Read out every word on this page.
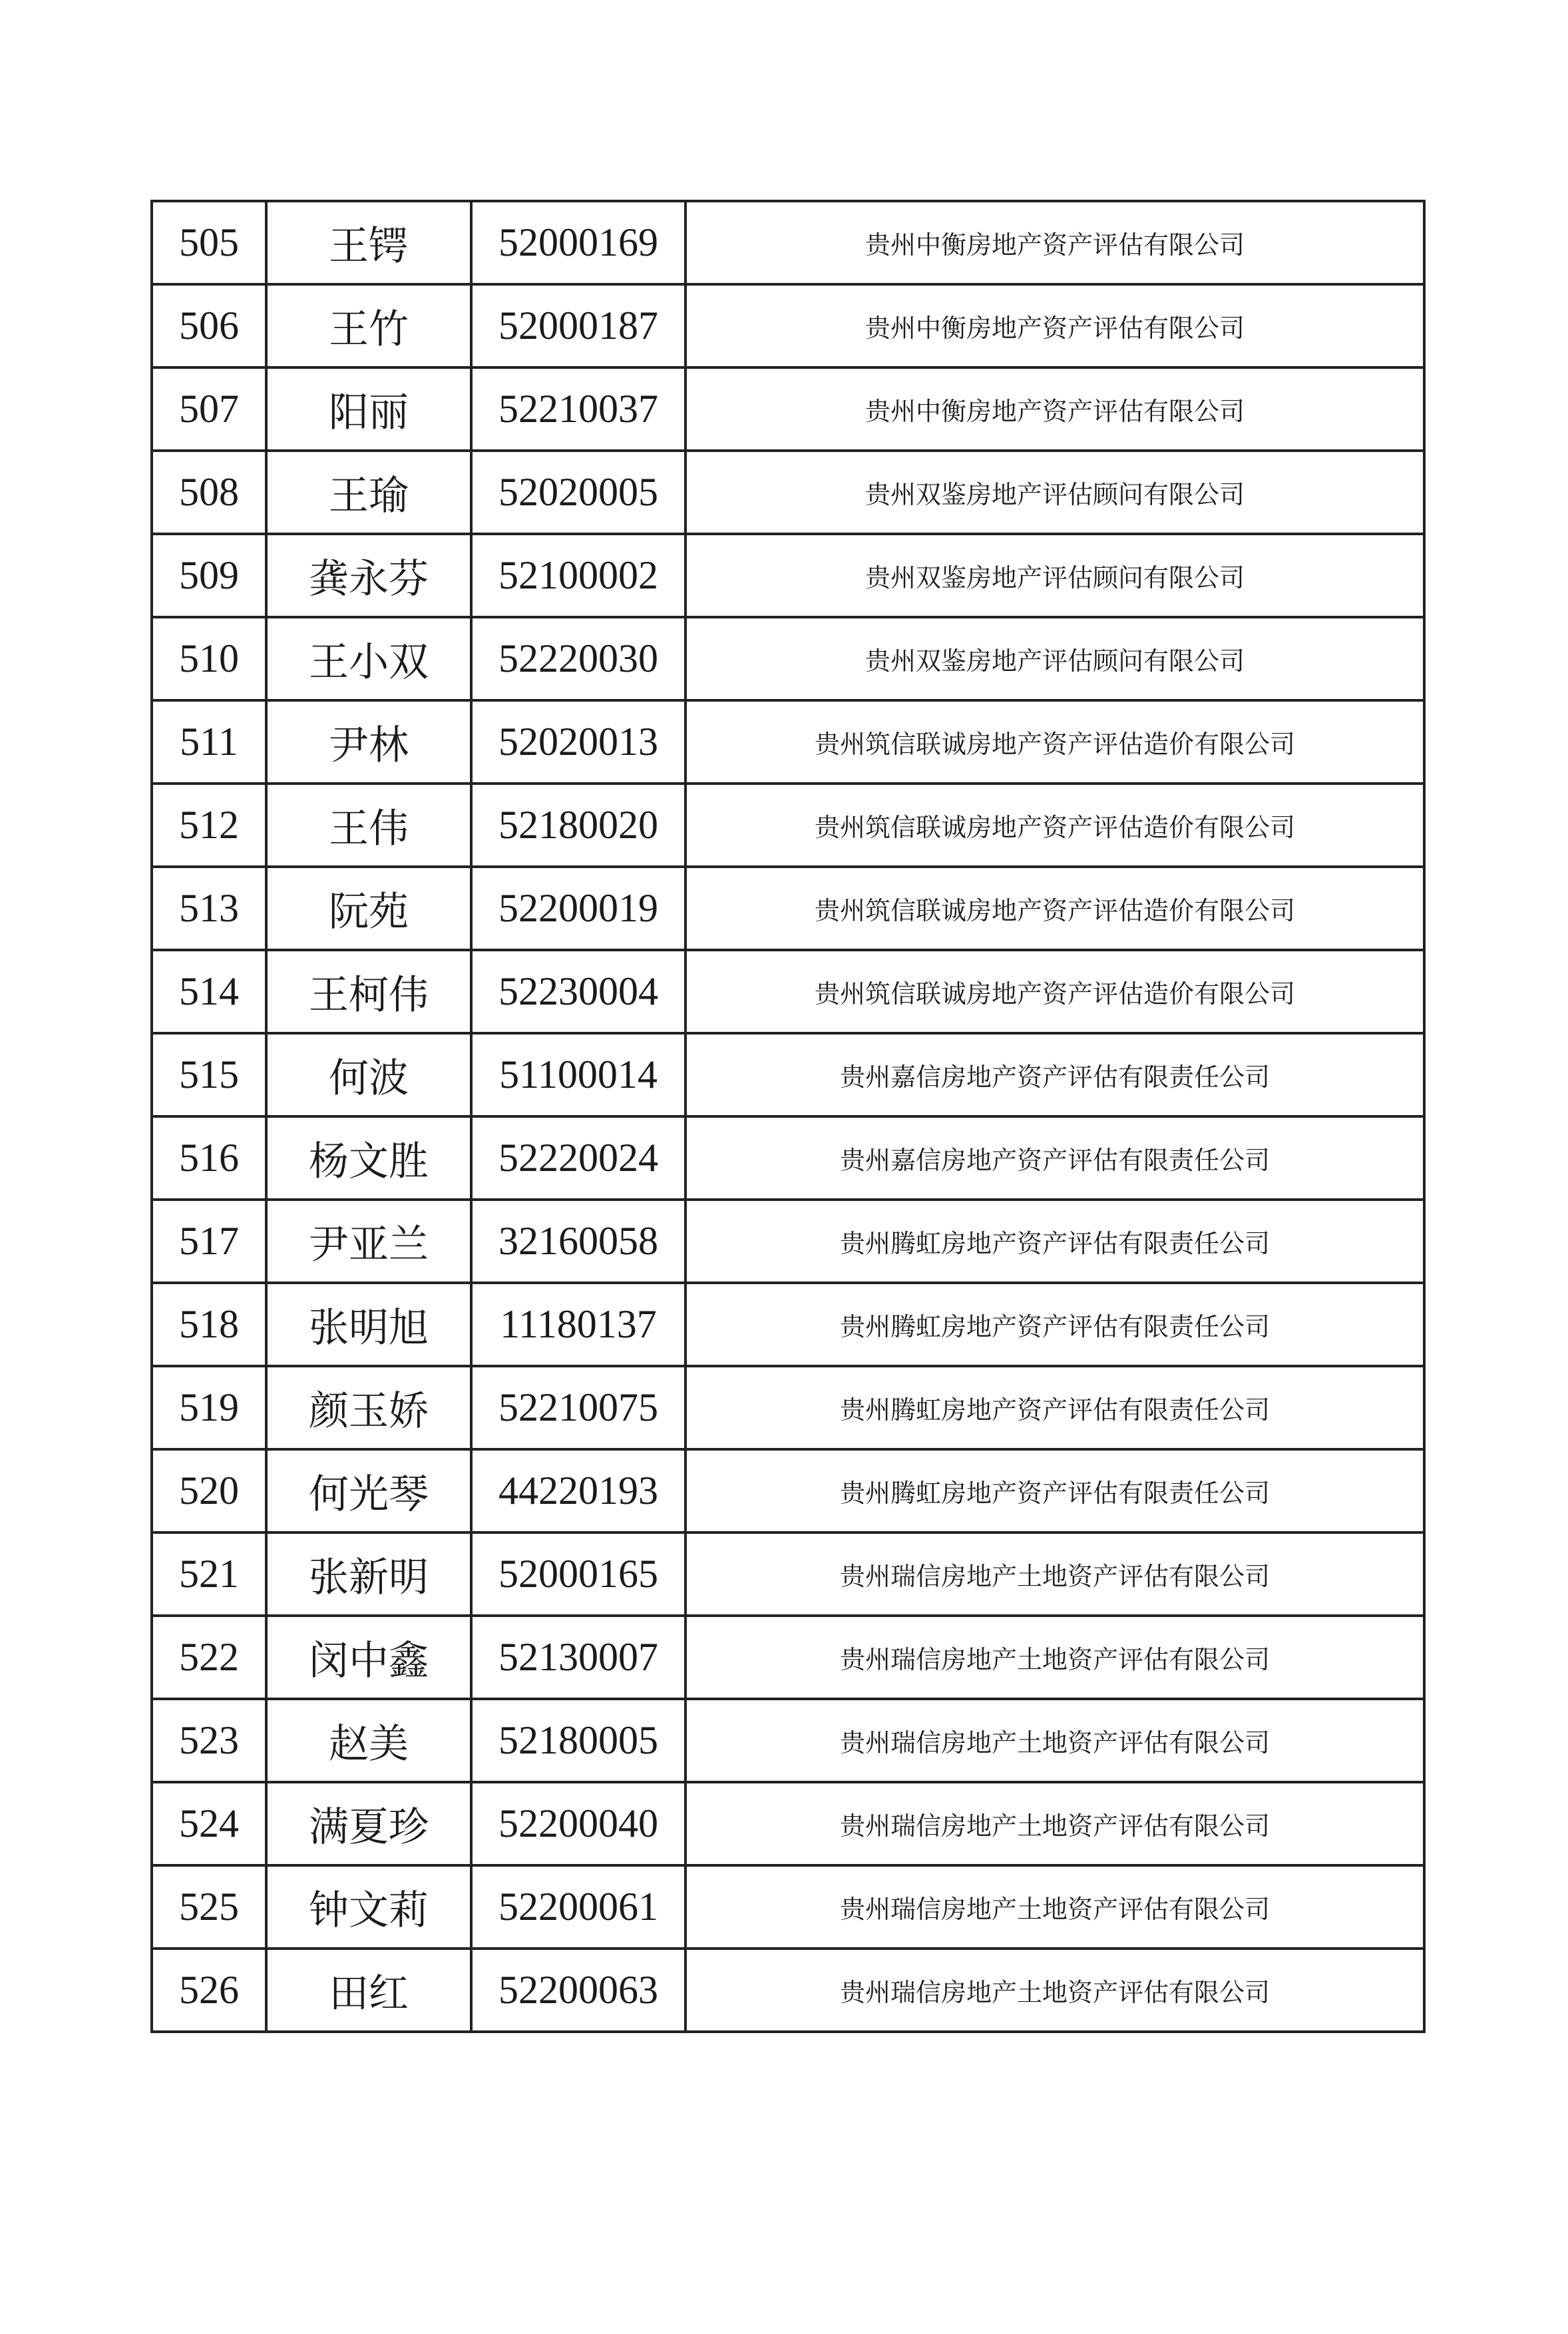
505	王锷	52000169	贵州中衡房地产资产评估有限公司
506	王竹	52000187	贵州中衡房地产资产评估有限公司
507	阳丽	52210037	贵州中衡房地产资产评估有限公司
508	王瑜	52020005	贵州双鉴房地产评估顾问有限公司
509	龚永芬	52100002	贵州双鉴房地产评估顾问有限公司
510	王小双	52220030	贵州双鉴房地产评估顾问有限公司
511	尹林	52020013	贵州筑信联诚房地产资产评估造价有限公司
512	王伟	52180020	贵州筑信联诚房地产资产评估造价有限公司
513	阮苑	52200019	贵州筑信联诚房地产资产评估造价有限公司
514	王柯伟	52230004	贵州筑信联诚房地产资产评估造价有限公司
515	何波	51100014	贵州嘉信房地产资产评估有限责任公司
516	杨文胜	52220024	贵州嘉信房地产资产评估有限责任公司
517	尹亚兰	32160058	贵州腾虹房地产资产评估有限责任公司
518	张明旭	11180137	贵州腾虹房地产资产评估有限责任公司
519	颜玉娇	52210075	贵州腾虹房地产资产评估有限责任公司
520	何光琴	44220193	贵州腾虹房地产资产评估有限责任公司
521	张新明	52000165	贵州瑞信房地产土地资产评估有限公司
522	闵中鑫	52130007	贵州瑞信房地产土地资产评估有限公司
523	赵美	52180005	贵州瑞信房地产土地资产评估有限公司
524	满夏珍	52200040	贵州瑞信房地产土地资产评估有限公司
525	钟文莉	52200061	贵州瑞信房地产土地资产评估有限公司
526	田红	52200063	贵州瑞信房地产土地资产评估有限公司
